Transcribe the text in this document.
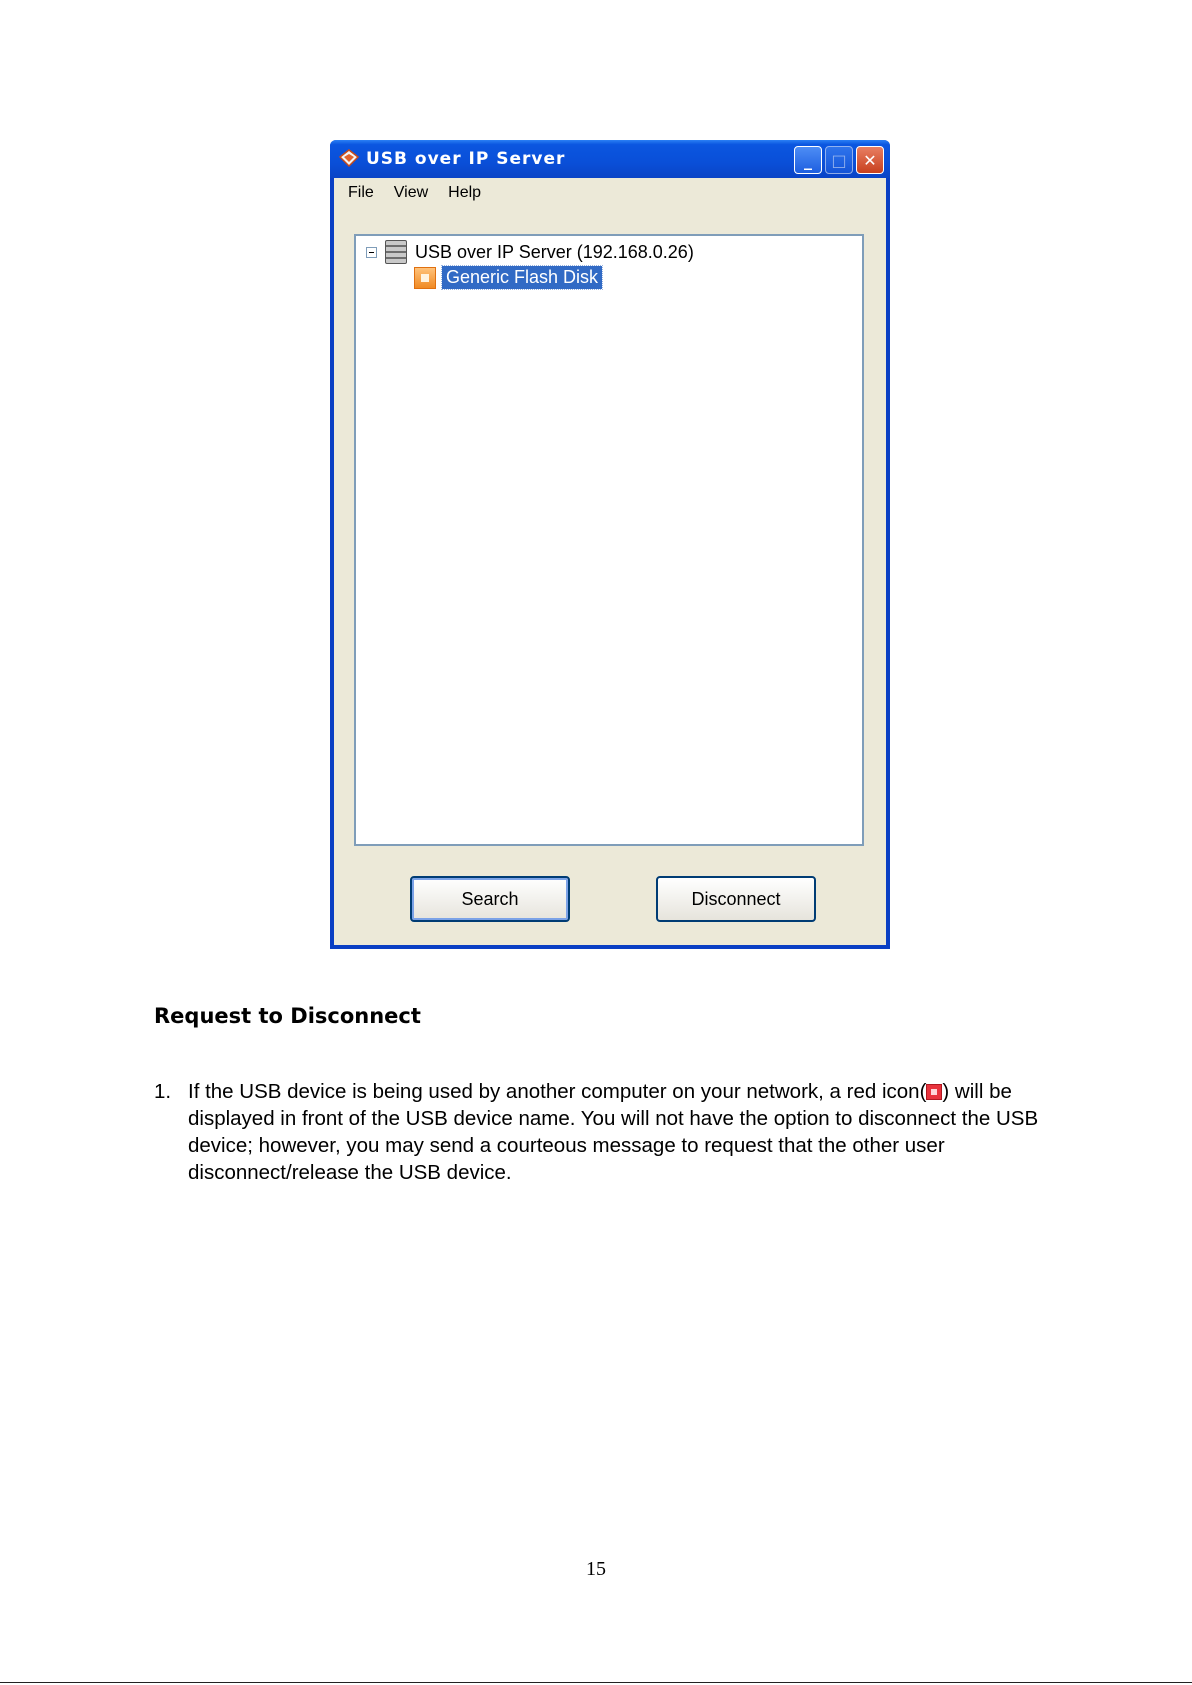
USB over IP Server	_	□	✕
File View Help
USB over IP Server (192.168.0.26)
Generic Flash Disk
Search	Disconnect
Request to Disconnect
1. If the USB device is being used by another computer on your network, a red icon( ) will be displayed in front of the USB device name. You will not have the option to disconnect the USB device; however, you may send a courteous message to request that the other user disconnect/release the USB device.
15
